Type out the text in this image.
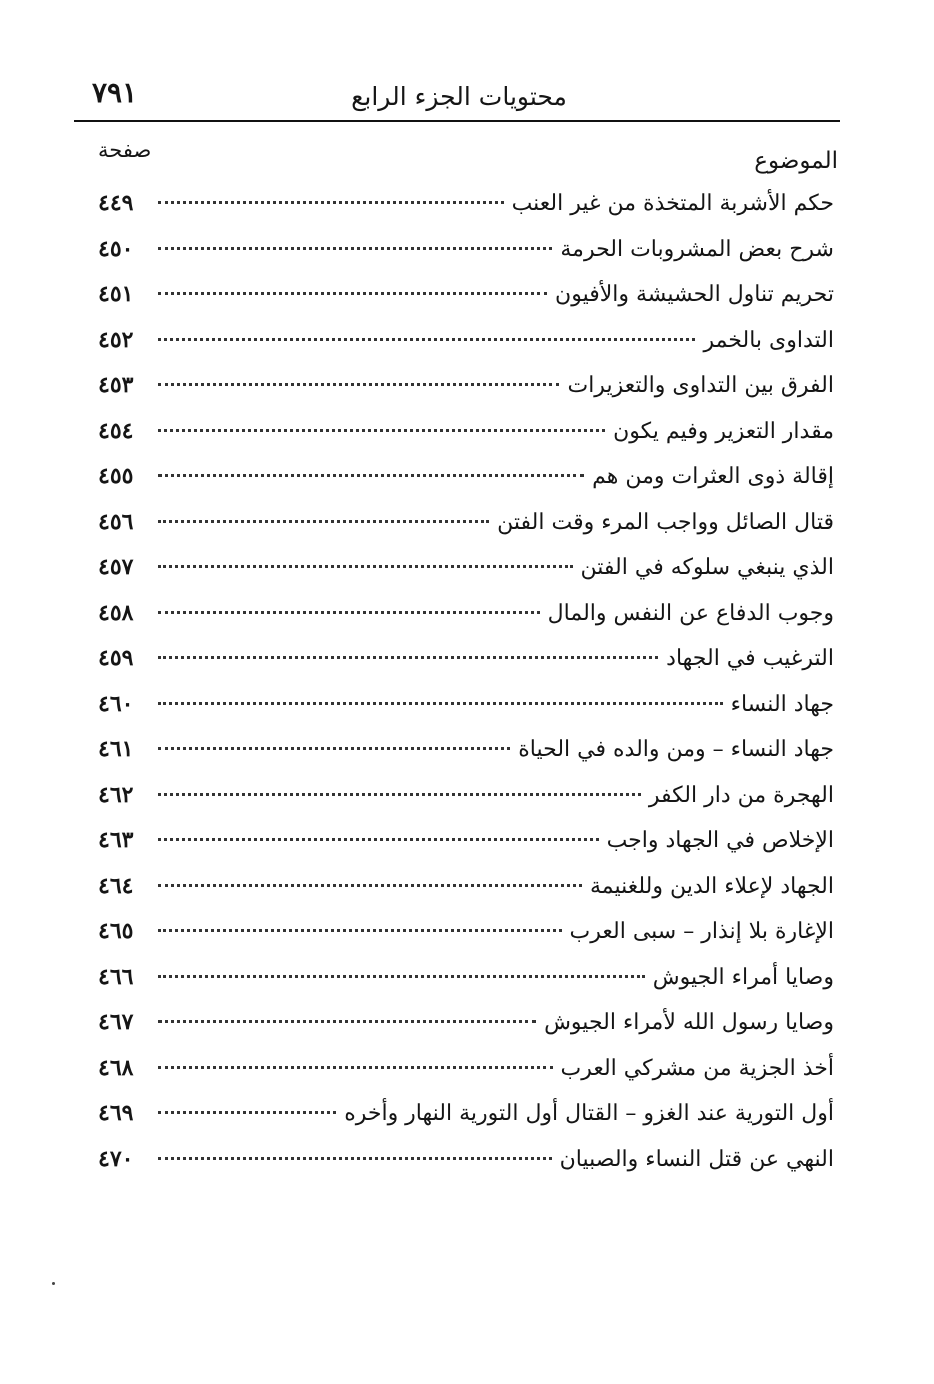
٧٩١	محتويات الجزء الرابع
صفحة	الموضوع
حكم الأشربة المتخذة من غير العنب
٤٤٩
شرح بعض المشروبات الحرمة
٤٥٠
تحريم تناول الحشيشة والأفيون
٤٥١
التداوى بالخمر
٤٥٢
الفرق بين التداوى والتعزيرات
٤٥٣
مقدار التعزير وفيم يكون
٤٥٤
إقالة ذوى العثرات ومن هم
٤٥٥
قتال الصائل وواجب المرء وقت الفتن
٤٥٦
الذي ينبغي سلوكه في الفتن
٤٥٧
وجوب الدفاع عن النفس والمال
٤٥٨
الترغيب في الجهاد
٤٥٩
جهاد النساء
٤٦٠
جهاد النساء – ومن والده في الحياة
٤٦١
الهجرة من دار الكفر
٤٦٢
الإخلاص في الجهاد واجب
٤٦٣
الجهاد لإعلاء الدين وللغنيمة
٤٦٤
الإغارة بلا إنذار – سبى العرب
٤٦٥
وصايا أمراء الجيوش
٤٦٦
وصايا رسول الله لأمراء الجيوش
٤٦٧
أخذ الجزية من مشركي العرب
٤٦٨
أول التورية عند الغزو – القتال أول التورية النهار وأخره
٤٦٩
النهي عن قتل النساء والصبيان
٤٧٠
